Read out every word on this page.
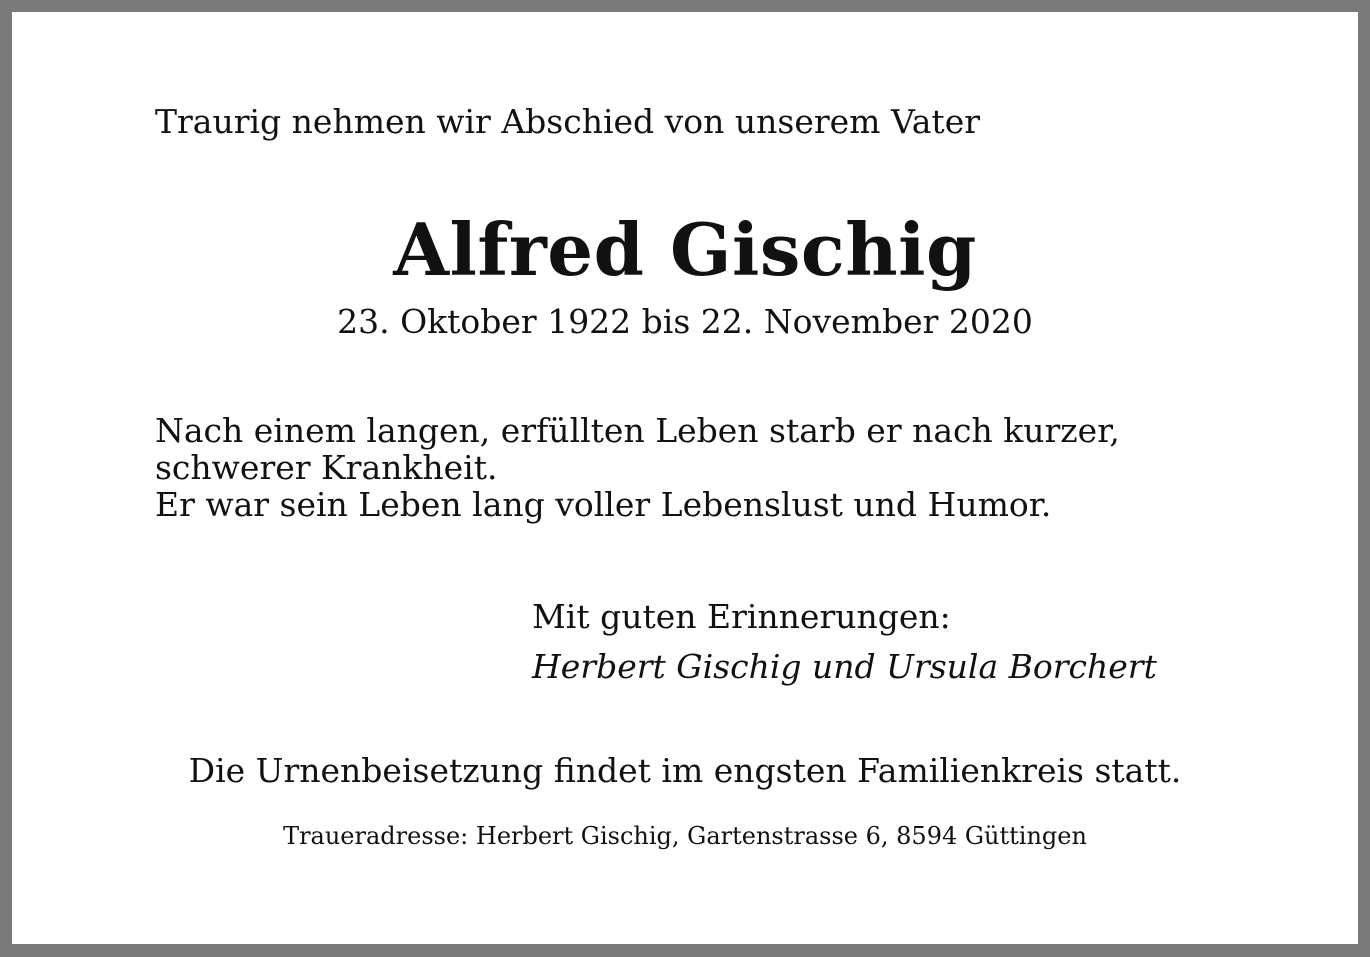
Traurig nehmen wir Abschied von unserem Vater
Alfred Gischig
23. Oktober 1922 bis 22. November 2020

Nach einem langen, erfüllten Leben starb er nach kurzer, schwerer Krankheit.

Er war sein Leben lang voller Lebenslust und Humor.

Mit guten Erinnerungen:
Herbert Gischig und Ursula Borchert
Die Urnenbeisetzung findet im engsten Familienkreis statt.
Traueradresse: Herbert Gischig, Gartenstrasse 6, 8594 Güttingen
